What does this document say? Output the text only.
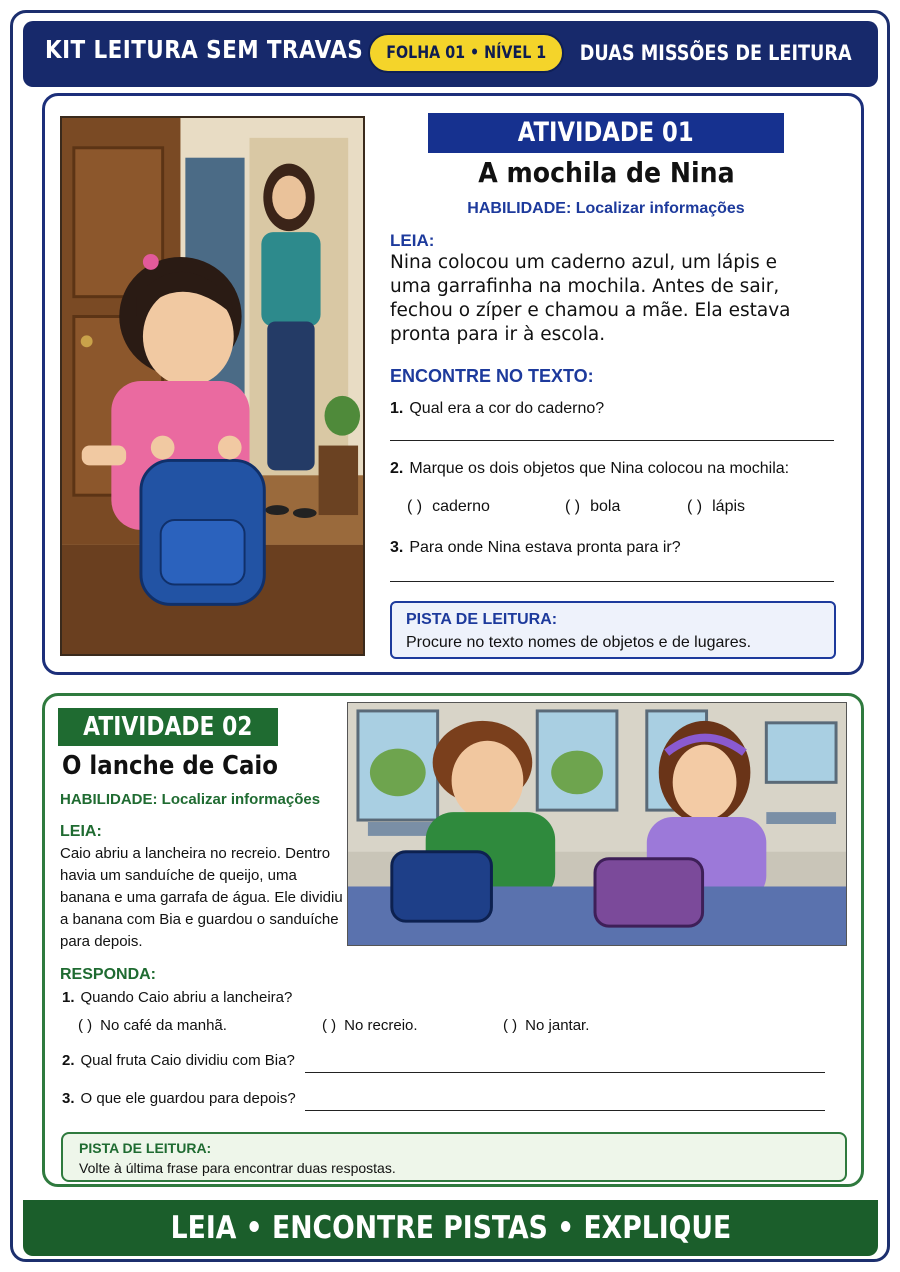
KIT LEITURA SEM TRAVAS	FOLHA 01 • NÍVEL 1	DUAS MISSÕES DE LEITURA
ATIVIDADE 01
A mochila de Nina
HABILIDADE: Localizar informações
LEIA:
Nina colocou um caderno azul, um lápis e uma garrafinha na mochila. Antes de sair, fechou o zíper e chamou a mãe. Ela estava pronta para ir à escola.
ENCONTRE NO TEXTO:
1. Qual era a cor do caderno?
2. Marque os dois objetos que Nina colocou na mochila:
( ) caderno	( ) bola	( ) lápis
3. Para onde Nina estava pronta para ir?
PISTA DE LEITURA:
Procure no texto nomes de objetos e de lugares.
ATIVIDADE 02
O lanche de Caio
HABILIDADE: Localizar informações
LEIA:
Caio abriu a lancheira no recreio. Dentro havia um sanduíche de queijo, uma banana e uma garrafa de água. Ele dividiu a banana com Bia e guardou o sanduíche para depois.
RESPONDA:
1. Quando Caio abriu a lancheira?
( ) No café da manhã.	( ) No recreio.	( ) No jantar.
2. Qual fruta Caio dividiu com Bia?
3. O que ele guardou para depois?
PISTA DE LEITURA:
Volte à última frase para encontrar duas respostas.
LEIA • ENCONTRE PISTAS • EXPLIQUE
